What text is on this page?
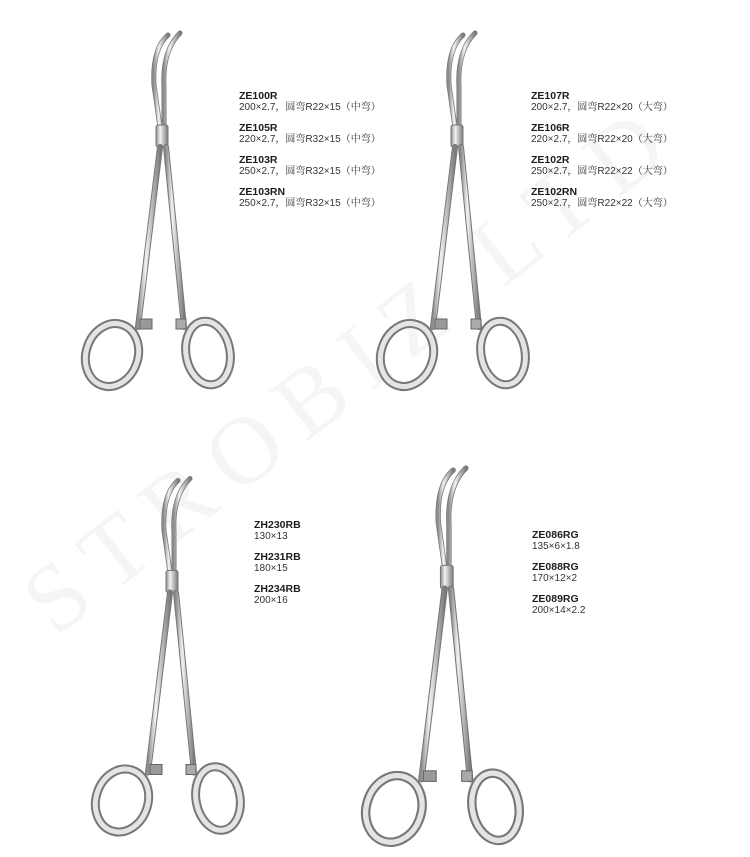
ZE100R
200×2.7，圆弯R22×15（中弯）
ZE105R
220×2.7，圆弯R32×15（中弯）
ZE103R
250×2.7，圆弯R32×15（中弯）
ZE103RN
250×2.7，圆弯R32×15（中弯）
ZE107R
200×2.7，圆弯R22×20（大弯）
ZE106R
220×2.7，圆弯R22×20（大弯）
ZE102R
250×2.7，圆弯R22×22（大弯）
ZE102RN
250×2.7，圆弯R22×22（大弯）
ZH230RB
130×13
ZH231RB
180×15
ZH234RB
200×16
ZE086RG
135×6×1.8
ZE088RG
170×12×2
ZE089RG
200×14×2.2
